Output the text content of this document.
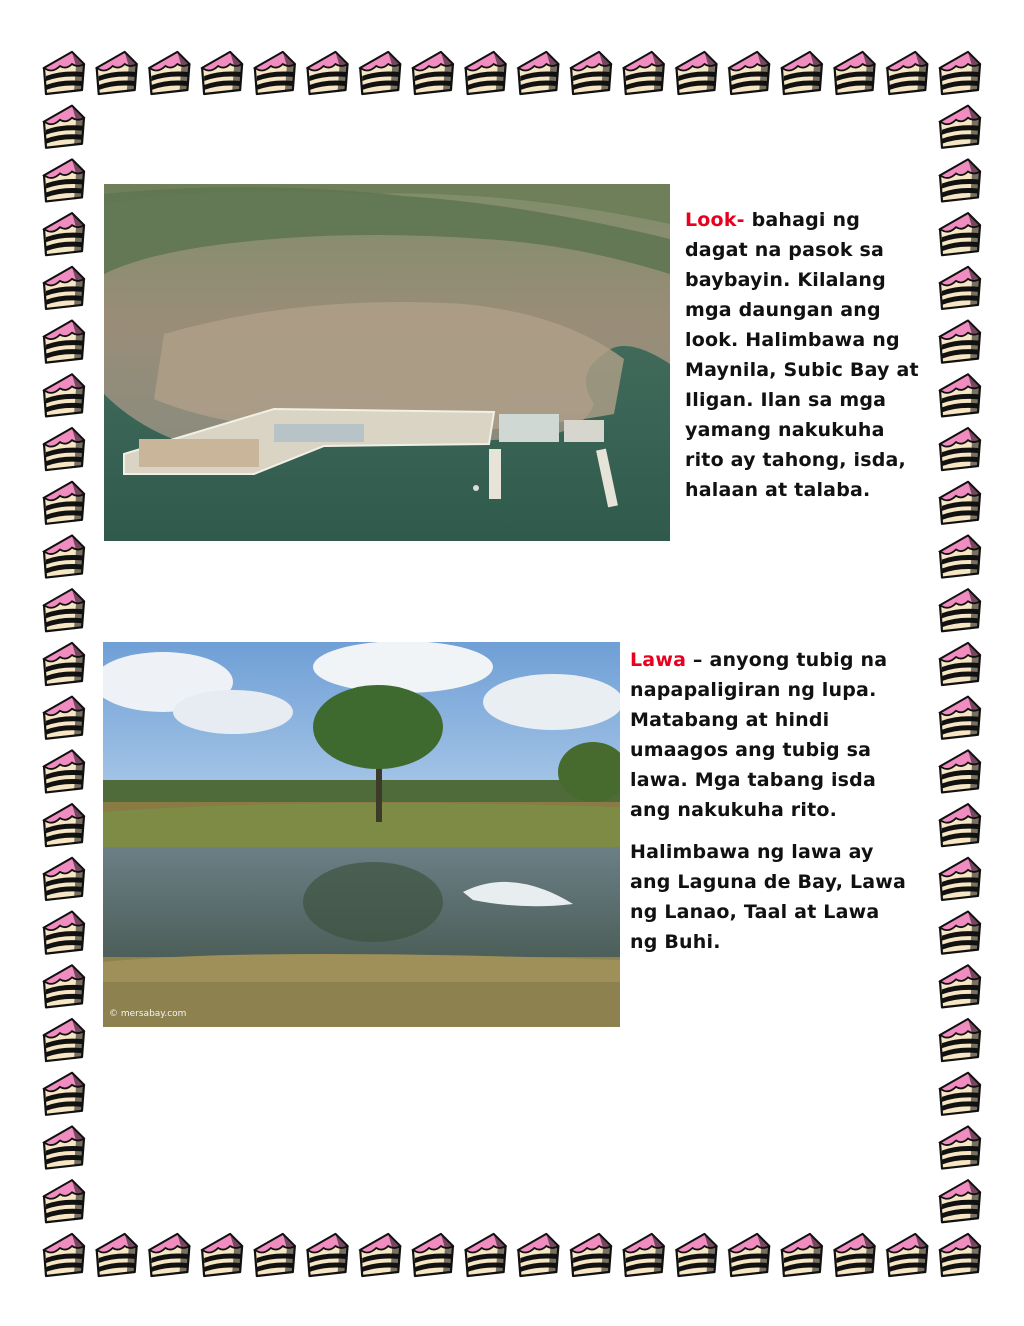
© mersabay.com

Look- bahagi ng dagat na pasok sa baybayin. Kilalang mga daungan ang look. Halimbawa ng Maynila, Subic Bay at Iligan. Ilan sa mga yamang nakukuha rito ay tahong, isda, halaan at talaba.

Lawa – anyong tubig na napapaligiran ng lupa. Matabang at hindi umaagos ang tubig sa lawa. Mga tabang isda ang nakukuha rito.

Halimbawa ng lawa ay ang Laguna de Bay, Lawa ng Lanao, Taal at Lawa ng Buhi.
